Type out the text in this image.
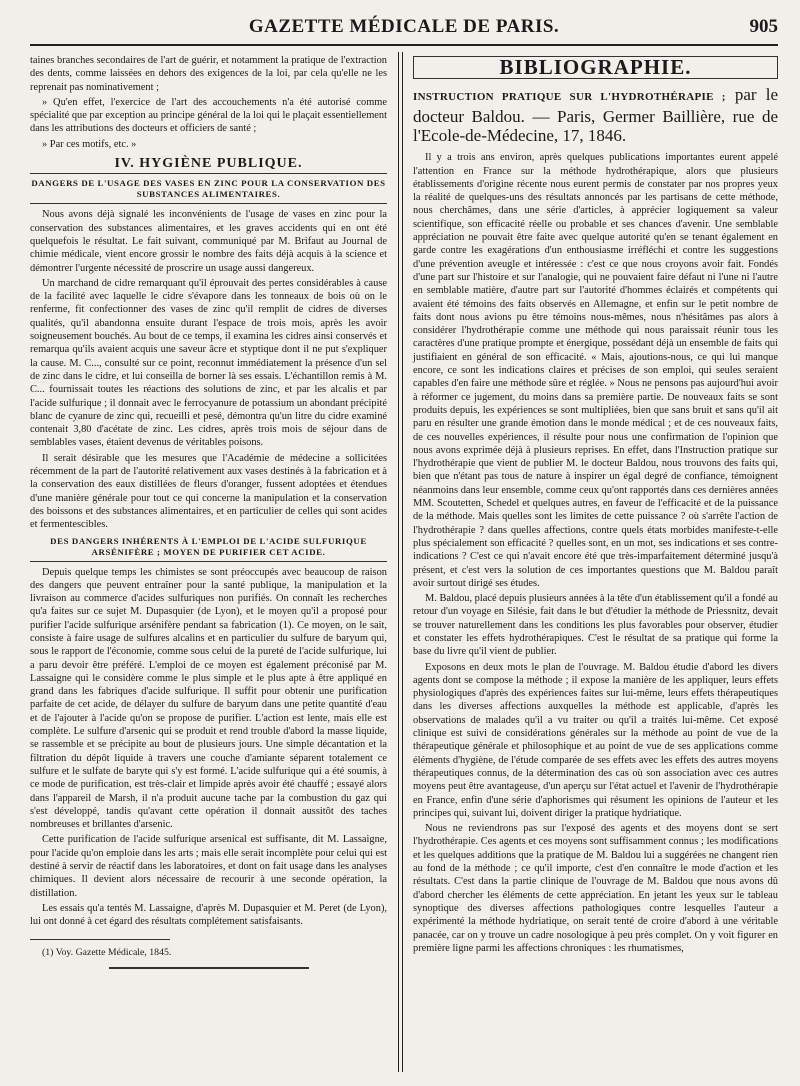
GAZETTE MÉDICALE DE PARIS.	905

taines branches secondaires de l'art de guérir, et notamment la pratique de l'extraction des dents, comme laissées en dehors des exigences de la loi, par cela qu'elle ne les reprenait pas nominativement ;

» Qu'en effet, l'exercice de l'art des accouchements n'a été autorisé comme spécialité que par exception au principe général de la loi qui le plaçait essentiellement dans les attributions des docteurs et officiers de santé ;

» Par ces motifs, etc. »

IV. HYGIÈNE PUBLIQUE.
DANGERS DE L'USAGE DES VASES EN ZINC POUR LA CONSERVATION DES SUBSTANCES ALIMENTAIRES.

Nous avons déjà signalé les inconvénients de l'usage de vases en zinc pour la conservation des substances alimentaires, et les graves accidents qui en ont été quelquefois le résultat. Le fait suivant, communiqué par M. Brifaut au Journal de chimie médicale, vient encore grossir le nombre des faits déjà acquis à la science et démontrer l'urgente nécessité de proscrire un usage aussi dangereux.

Un marchand de cidre remarquant qu'il éprouvait des pertes considérables à cause de la facilité avec laquelle le cidre s'évapore dans les tonneaux de bois où on le renferme, fit confectionner des vases de zinc qu'il remplit de cidres de diverses qualités, qu'il abandonna ensuite durant l'espace de trois mois, après les avoir soigneusement bouchés. Au bout de ce temps, il examina les cidres ainsi conservés et remarqua qu'ils avaient acquis une saveur âcre et styptique dont il ne put s'expliquer la cause. M. C..., consulté sur ce point, reconnut immédiatement la présence d'un sel de zinc dans le cidre, et lui conseilla de borner là ses essais. L'échantillon remis à M. C... fournissait toutes les réactions des solutions de zinc, et par les alcalis et par l'acide sulfurique ; il donnait avec le ferrocyanure de potassium un abondant précipité blanc de cyanure de zinc qui, recueilli et pesé, démontra qu'un litre du cidre examiné contenait 3,80 d'acétate de zinc. Les cidres, après trois mois de séjour dans de semblables vases, étaient devenus de véritables poisons.

Il serait désirable que les mesures que l'Académie de médecine a sollicitées récemment de la part de l'autorité relativement aux vases destinés à la fabrication et à la conservation des eaux distillées de fleurs d'oranger, fussent adoptées et étendues d'une manière générale pour tout ce qui concerne la manipulation et la conservation des boissons et des substances alimentaires, et en particulier de celles qui sont acides et fermentescibles.

DES DANGERS INHÉRENTS À L'EMPLOI DE L'ACIDE SULFURIQUE ARSÉNIFÈRE ; MOYEN DE PURIFIER CET ACIDE.

Depuis quelque temps les chimistes se sont préoccupés avec beaucoup de raison des dangers que peuvent entraîner pour la santé publique, la manipulation et la livraison au commerce d'acides sulfuriques non purifiés. On connaît les recherches qu'a faites sur ce sujet M. Dupasquier (de Lyon), et le moyen qu'il a proposé pour purifier l'acide sulfurique arsénifère pendant sa fabrication (1). Ce moyen, on le sait, consiste à faire usage de sulfures alcalins et en particulier du sulfure de baryum qui, sous le rapport de l'économie, comme sous celui de la pureté de l'acide sulfurique, lui a paru devoir être préféré. L'emploi de ce moyen est également préconisé par M. Lassaigne qui le considère comme le plus simple et le plus apte à être appliqué en grand dans les fabriques d'acide sulfurique. Il suffit pour obtenir une purification parfaite de cet acide, de délayer du sulfure de baryum dans une petite quantité d'eau et de l'ajouter à l'acide qu'on se propose de purifier. L'action est lente, mais elle est complète. Le sulfure d'arsenic qui se produit et rend trouble d'abord la masse liquide, se rassemble et se précipite au bout de plusieurs jours. Une simple décantation et la filtration du dépôt liquide à travers une couche d'amiante séparent totalement ce sulfure et le sulfate de baryte qui s'y est formé. L'acide sulfurique qui a été soumis, à ce mode de purification, est très-clair et limpide après avoir été chauffé ; essayé alors dans l'appareil de Marsh, il n'a produit aucune tache par la combustion du gaz qui s'est développé, tandis qu'avant cette opération il donnait aussitôt des taches nombreuses et brillantes d'arsenic.

Cette purification de l'acide sulfurique arsenical est suffisante, dit M. Lassaigne, pour l'acide qu'on emploie dans les arts ; mais elle serait incomplète pour celui qui est destiné à servir de réactif dans les laboratoires, et dont on fait usage dans les analyses chimiques. Il devient alors nécessaire de recourir à une seconde opération, la distillation.

Les essais qu'a tentés M. Lassaigne, d'après M. Dupasquier et M. Peret (de Lyon), lui ont donné à cet égard des résultats complétement satisfaisants.

(1) Voy. Gazette Médicale, 1845.

BIBLIOGRAPHIE.
INSTRUCTION PRATIQUE SUR L'HYDROTHÉRAPIE ; par le docteur Baldou. — Paris, Germer Baillière, rue de l'Ecole-de-Médecine, 17, 1846.

Il y a trois ans environ, après quelques publications importantes eurent appelé l'attention en France sur la méthode hydrothérapique, alors que plusieurs établissements d'origine récente nous eurent permis de constater par nos propres yeux la réalité de quelques-uns des résultats annoncés par les partisans de cette méthode, nous cherchâmes, dans une série d'articles, à apprécier logiquement sa valeur scientifique, son efficacité réelle ou probable et ses chances d'avenir. Une semblable appréciation ne pouvait être faite avec quelque autorité qu'en se tenant également en garde contre les exagérations d'un enthousiasme irréfléchi et contre les suggestions d'une prévention aveugle et intéressée : c'est ce que nous croyons avoir fait. Fondés d'une part sur l'histoire et sur l'analogie, qui ne pouvaient faire défaut ni l'une ni l'autre en semblable matière, d'autre part sur l'autorité d'hommes éclairés et compétents qui avaient été témoins des faits observés en Allemagne, et enfin sur le petit nombre de faits dont nous avions pu être témoins nous-mêmes, nous n'hésitâmes pas alors à considérer l'hydrothérapie comme une méthode qui nous paraissait réunir tous les caractères d'une pratique prompte et énergique, possédant déjà un ensemble de faits qui justifiaient en général de son efficacité. « Mais, ajoutions-nous, ce qui lui manque encore, ce sont les indications claires et précises de son emploi, qui seules seraient capables d'en faire une méthode sûre et réglée. » Nous ne pensons pas aujourd'hui avoir à réformer ce jugement, du moins dans sa première partie. De nouveaux faits se sont produits depuis, les expériences se sont multipliées, bien que sans bruit et sans qu'il ait paru en résulter une grande émotion dans le monde médical ; et de ces nouveaux faits, de ces nouvelles expériences, il résulte pour nous une confirmation de l'opinion que nous avons exprimée déjà à plusieurs reprises. En effet, dans l'Instruction pratique sur l'hydrothérapie que vient de publier M. le docteur Baldou, nous trouvons des faits qui, bien que n'étant pas tous de nature à inspirer un égal degré de confiance, témoignent néanmoins dans leur ensemble, comme ceux qu'ont rapportés dans ces dernières années MM. Scoutetten, Schedel et quelques autres, en faveur de l'efficacité et de la puissance de la méthode. Mais quelles sont les limites de cette puissance ? où s'arrête l'action de l'hydrothérapie ? dans quelles affections, contre quels états morbides manifeste-t-elle plus spécialement son efficacité ? quelles sont, en un mot, ses indications et ses contre-indications ? C'est ce qui n'avait encore été que très-imparfaitement déterminé jusqu'à présent, et c'est vers la solution de ces importantes questions que M. Baldou paraît avoir surtout dirigé ses études.

M. Baldou, placé depuis plusieurs années à la tête d'un établissement qu'il a fondé au retour d'un voyage en Silésie, fait dans le but d'étudier la méthode de Priessnitz, devait se trouver naturellement dans les conditions les plus favorables pour observer, étudier et constater les effets hydrothérapiques. C'est le résultat de sa pratique qui forme la base du livre qu'il vient de publier.

Exposons en deux mots le plan de l'ouvrage. M. Baldou étudie d'abord les divers agents dont se compose la méthode ; il expose la manière de les appliquer, leurs effets physiologiques d'après des expériences faites sur lui-même, leurs effets thérapeutiques dans les diverses affections auxquelles la méthode est applicable, d'après les observations de malades qu'il a vu traiter ou qu'il a traités lui-même. Cet exposé clinique est suivi de considérations générales sur la méthode au point de vue de la thérapeutique générale et philosophique et au point de vue de ses applications comme éléments d'hygiène, de l'étude comparée de ses effets avec les effets des autres moyens thérapeutiques connus, de la détermination des cas où son association avec ces autres moyens peut être avantageuse, d'un aperçu sur l'état actuel et l'avenir de l'hydrothérapie en France, enfin d'une série d'aphorismes qui résument les opinions de l'auteur et les principes qui, suivant lui, doivent diriger la pratique hydriatique.

Nous ne reviendrons pas sur l'exposé des agents et des moyens dont se sert l'hydrothérapie. Ces agents et ces moyens sont suffisamment connus ; les modifications et les quelques additions que la pratique de M. Baldou lui a suggérées ne changent rien au fond de la méthode ; ce qu'il importe, c'est d'en connaître le mode d'action et les résultats. C'est dans la partie clinique de l'ouvrage de M. Baldou que nous avons dû d'abord chercher les éléments de cette appréciation. En jetant les yeux sur le tableau synoptique des diverses affections pathologiques contre lesquelles l'auteur a expérimenté la méthode hydriatique, on serait tenté de croire d'abord à une véritable panacée, car on y trouve un cadre nosologique à peu près complet. On y voit figurer en première ligne parmi les affections chroniques : les rhumatismes,
